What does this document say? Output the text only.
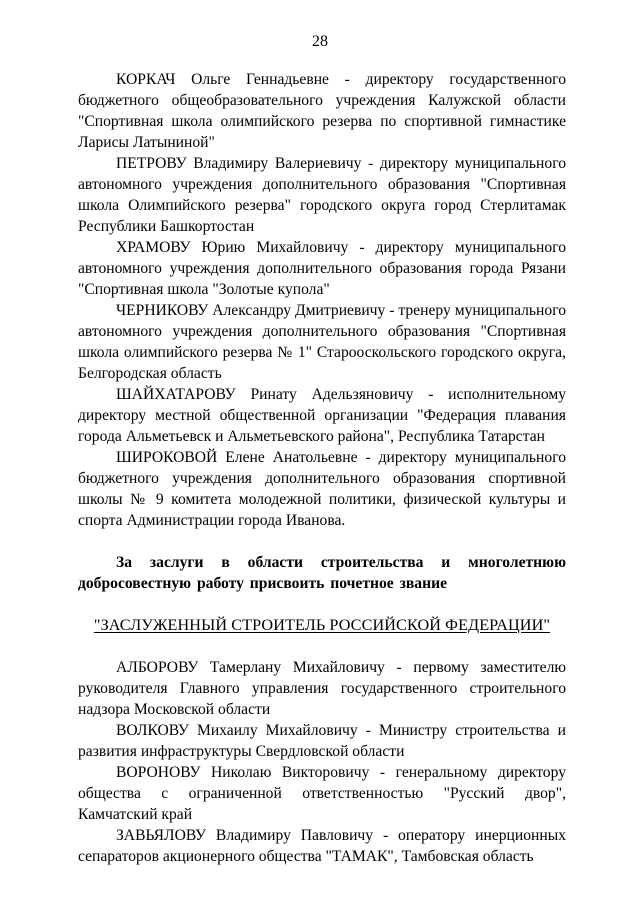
28

КОРКАЧ Ольге Геннадьевне - директору государственного бюджетного общеобразовательного учреждения Калужской области "Спортивная школа олимпийского резерва по спортивной гимнастике Ларисы Латыниной"

ПЕТРОВУ Владимиру Валериевичу - директору муниципального автономного учреждения дополнительного образования "Спортивная школа Олимпийского резерва" городского округа город Стерлитамак Республики Башкортостан

ХРАМОВУ Юрию Михайловичу - директору муниципального автономного учреждения дополнительного образования города Рязани "Спортивная школа "Золотые купола"

ЧЕРНИКОВУ Александру Дмитриевичу - тренеру муниципального автономного учреждения дополнительного образования "Спортивная школа олимпийского резерва № 1" Старооскольского городского округа, Белгородская область

ШАЙХАТАРОВУ Ринату Адельзяновичу - исполнительному директору местной общественной организации "Федерация плавания города Альметьевск и Альметьевского района", Республика Татарстан

ШИРОКОВОЙ Елене Анатольевне - директору муниципального бюджетного учреждения дополнительного образования спортивной школы № 9 комитета молодежной политики, физической культуры и спорта Администрации города Иванова.

За заслуги в области строительства и многолетнюю добросовестную работу присвоить почетное звание

"ЗАСЛУЖЕННЫЙ СТРОИТЕЛЬ РОССИЙСКОЙ ФЕДЕРАЦИИ"

АЛБОРОВУ Тамерлану Михайловичу - первому заместителю руководителя Главного управления государственного строительного надзора Московской области

ВОЛКОВУ Михаилу Михайловичу - Министру строительства и развития инфраструктуры Свердловской области

ВОРОНОВУ Николаю Викторовичу - генеральному директору общества с ограниченной ответственностью "Русский двор", Камчатский край

ЗАВЬЯЛОВУ Владимиру Павловичу - оператору инерционных сепараторов акционерного общества "ТАМАК", Тамбовская область
